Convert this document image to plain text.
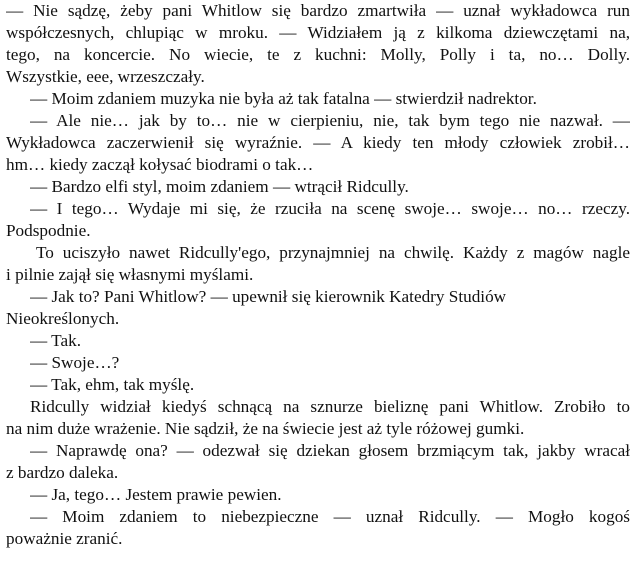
— Nie sądzę, żeby pani Whitlow się bardzo zmartwiła — uznał wykładowca run
współczesnych, chlupiąc w mroku. — Widziałem ją z kilkoma dziewczętami na,
tego, na koncercie. No wiecie, te z kuchni: Molly, Polly i ta, no… Dolly.
Wszystkie, eee, wrzeszczały.
— Moim zdaniem muzyka nie była aż tak fatalna — stwierdził nadrektor.
— Ale nie… jak by to… nie w cierpieniu, nie, tak bym tego nie nazwał. —
Wykładowca zaczerwienił się wyraźnie. — A kiedy ten młody człowiek zrobił…
hm… kiedy zaczął kołysać biodrami o tak…
— Bardzo elfi styl, moim zdaniem — wtrącił Ridcully.
— I tego… Wydaje mi się, że rzuciła na scenę swoje… swoje… no… rzeczy.
Podspodnie.
To uciszyło nawet Ridcully'ego, przynajmniej na chwilę. Każdy z magów nagle
i pilnie zajął się własnymi myślami.
— Jak to? Pani Whitlow? — upewnił się kierownik Katedry Studiów
Nieokreślonych.
— Tak.
— Swoje…?
— Tak, ehm, tak myślę.
Ridcully widział kiedyś schnącą na sznurze bieliznę pani Whitlow. Zrobiło to
na nim duże wrażenie. Nie sądził, że na świecie jest aż tyle różowej gumki.
— Naprawdę ona? — odezwał się dziekan głosem brzmiącym tak, jakby wracał
z bardzo daleka.
— Ja, tego… Jestem prawie pewien.
— Moim zdaniem to niebezpieczne — uznał Ridcully. — Mogło kogoś
poważnie zranić.
